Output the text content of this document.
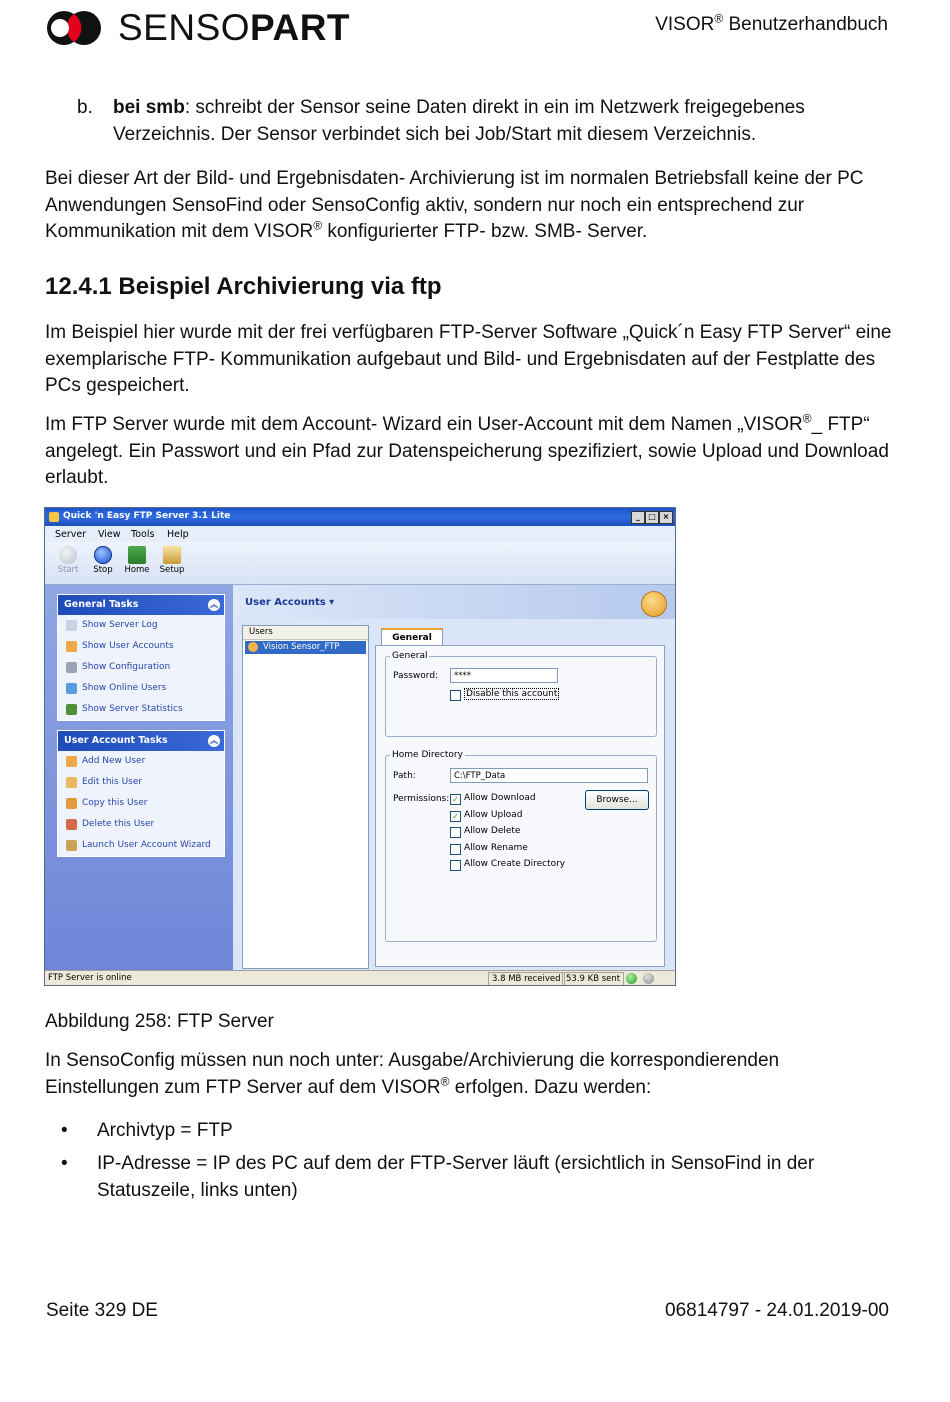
SENSOPART	VISOR® Benutzerhandbuch
b. bei smb: schreibt der Sensor seine Daten direkt in ein im Netzwerk freigegebenes Verzeichnis. Der Sensor verbindet sich bei Job/Start mit diesem Verzeichnis.

Bei dieser Art der Bild- und Ergebnisdaten- Archivierung ist im normalen Betriebsfall keine der PC Anwendungen SensoFind oder SensoConfig aktiv, sondern nur noch ein entsprechend zur Kommunikation mit dem VISOR® konfigurierter FTP- bzw. SMB- Server.

12.4.1 Beispiel Archivierung via ftp

Im Beispiel hier wurde mit der frei verfügbaren FTP-Server Software „Quick´n Easy FTP Server“ eine exemplarische FTP- Kommunikation aufgebaut und Bild- und Ergebnisdaten auf der Festplatte des PCs gespeichert.

Im FTP Server wurde mit dem Account- Wizard ein User-Account mit dem Namen „VISOR®_ FTP“ angelegt. Ein Passwort und ein Pfad zur Datenspeicherung spezifiziert, sowie Upload und Download erlaubt.

Quick 'n Easy FTP Server 3.1 Lite	_	□ ×
Server View Tools Help
Start	Stop	Home	Setup
General Tasks	︽
Show Server Log
Show User Accounts
Show Configuration
Show Online Users
Show Server Statistics
User Account Tasks	︽
Add New User
Edit this User
Copy this User
Delete this User
Launch User Account Wizard
User Accounts ▾
Users
Vision Sensor_FTP
General
General
Password:	****
Disable this account
Home Directory
Path:	C:\FTP_Data
Permissions:	Browse...
✓ Allow Download
✓ Allow Upload
Allow Delete
Allow Rename
Allow Create Directory
FTP Server is online	3.8 MB received 53.9 KB sent

Abbildung 258: FTP Server

In SensoConfig müssen nun noch unter: Ausgabe/Archivierung die korrespondierenden Einstellungen zum FTP Server auf dem VISOR® erfolgen. Dazu werden:

• Archivtyp = FTP
• IP-Adresse = IP des PC auf dem der FTP-Server läuft (ersichtlich in SensoFind in der Statuszeile, links unten)
Seite 329 DE	06814797 - 24.01.2019-00
